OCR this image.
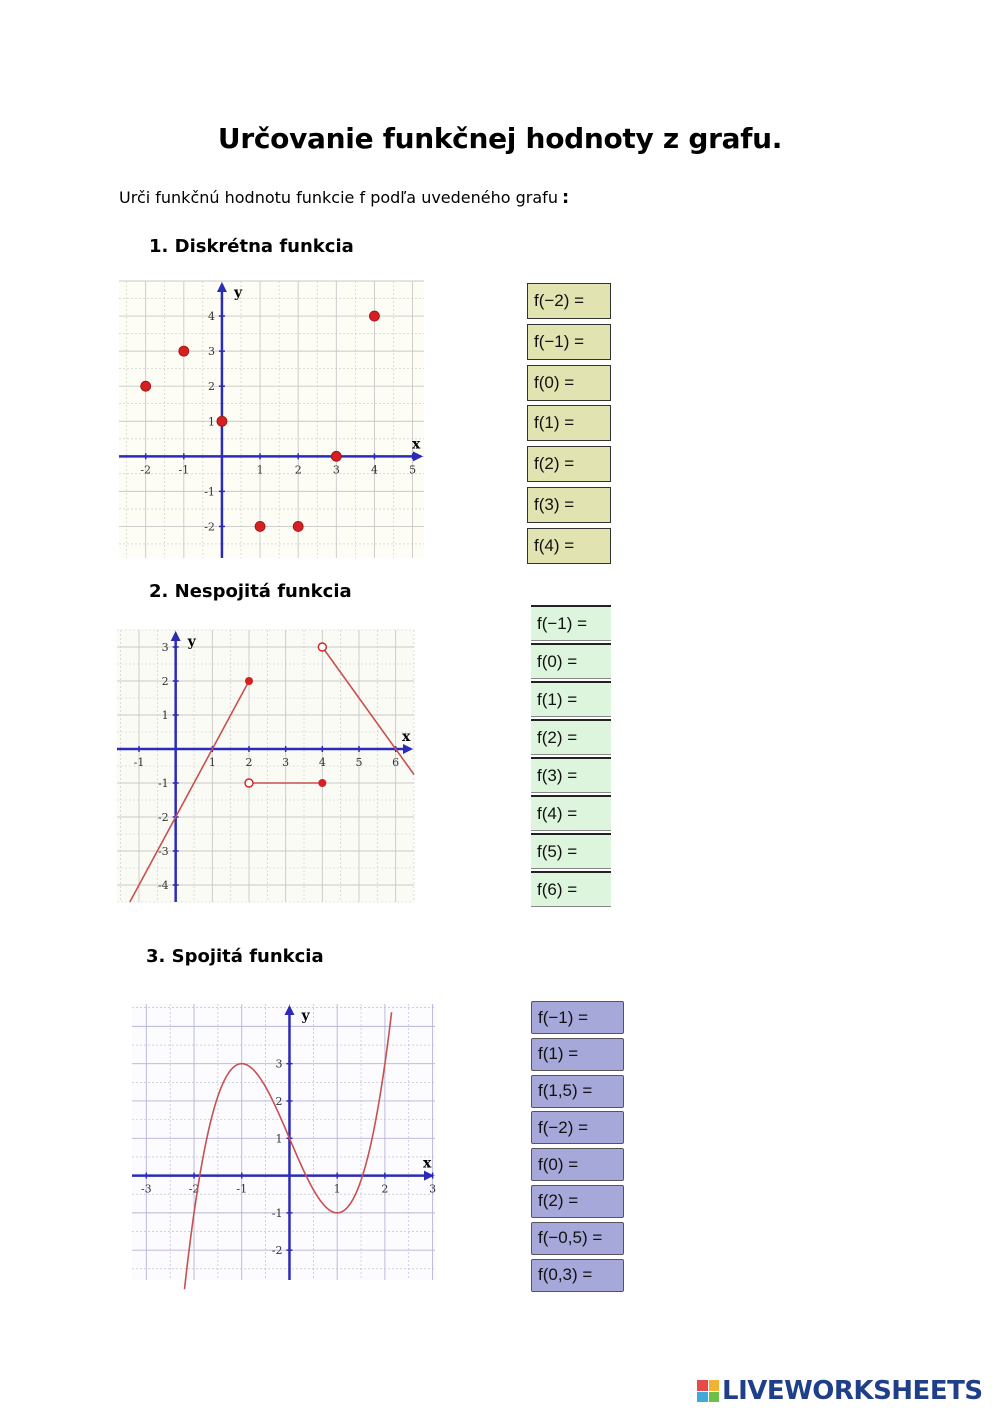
Určovanie funkčnej hodnoty z grafu.
Urči funkčnú hodnotu funkcie f podľa uvedeného grafu :
1. Diskrétna funkcia
-2 -1	1	2	3	4	5
4
3
2
1
-1
-2
x
y	f(−2) =
f(−1) =
f(0) =
f(1) =
f(2) =
f(3) =
f(4) =
2. Nespojitá funkcia
-1	1	2	3	4	5	6
3
2
1
-1
-2
-3
-4
x
y
f(−1) =
f(0) =
f(1) =
f(2) =
f(3) =
f(4) =
f(5) =
f(6) =
3. Spojitá funkcia
-3	-2	-1	1	2	3
3
2
1
-1
-2
x
y	f(−1) =
f(1) =
f(1,5) =
f(−2) =
f(0) =
f(2) =
f(−0,5) =
f(0,3) =
LIVEWORKSHEETS
